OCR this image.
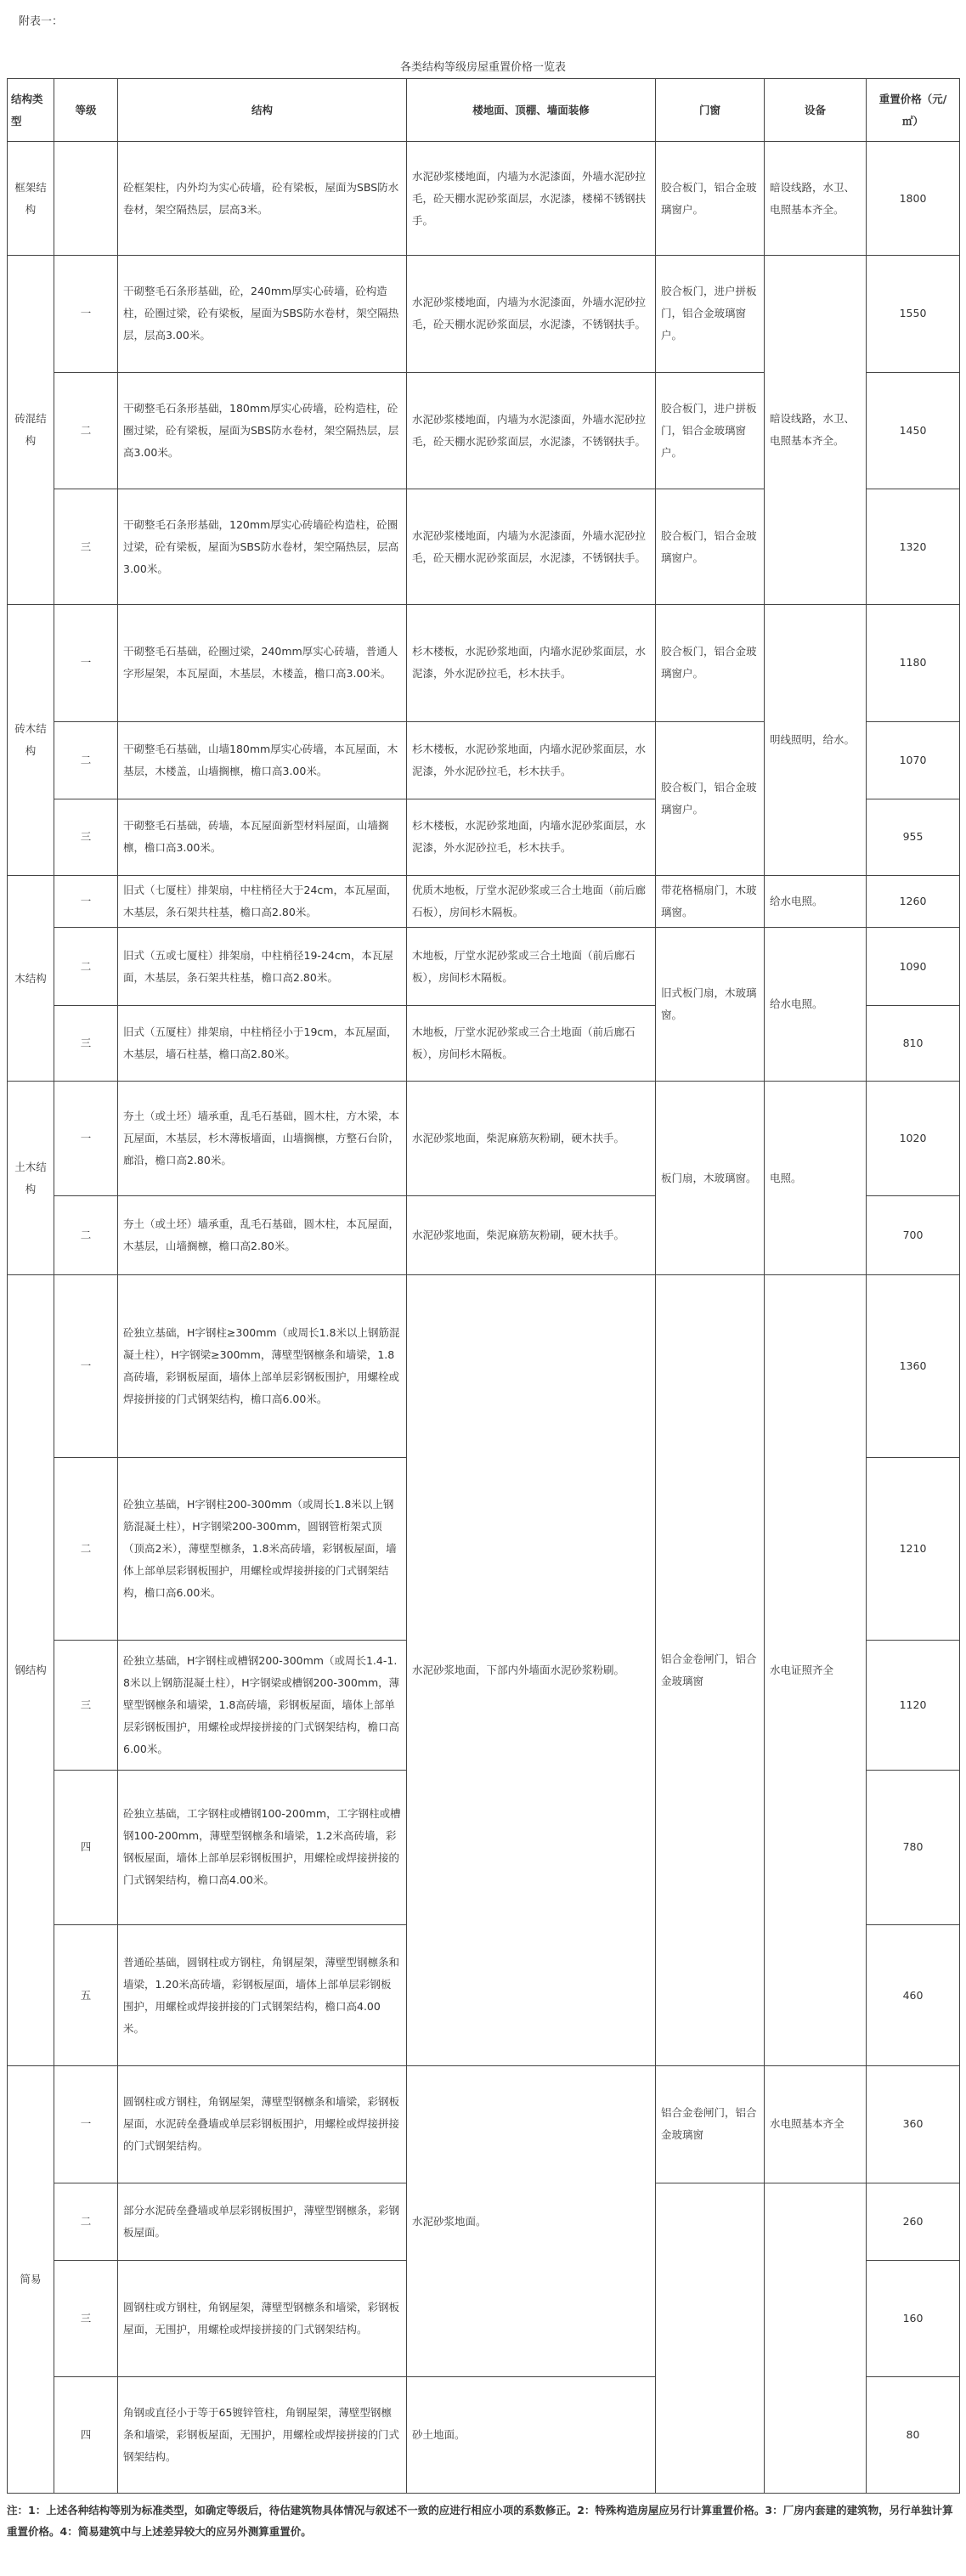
附表一：
各类结构等级房屋重置价格一览表
结构类型	等级	结构	楼地面、顶棚、墙面装修	门窗	设备	重置价格（元/㎡）
框架结构		砼框架柱，内外均为实心砖墙，砼有梁板，屋面为SBS防水卷材，架空隔热层，层高3米。	水泥砂浆楼地面，内墙为水泥漆面，外墙水泥砂拉毛，砼天棚水泥砂浆面层，水泥漆，楼梯不锈钢扶手。	胶合板门，铝合金玻璃窗户。	暗设线路，水卫、电照基本齐全。	1800
砖混结构	一	干砌整毛石条形基础，砼，240mm厚实心砖墙，砼构造柱，砼圈过梁，砼有梁板，屋面为SBS防水卷材，架空隔热层，层高3.00米。	水泥砂浆楼地面，内墙为水泥漆面，外墙水泥砂拉毛，砼天棚水泥砂浆面层，水泥漆，不锈钢扶手。	胶合板门，进户拼板门，铝合金玻璃窗户。	暗设线路，水卫、电照基本齐全。	1550
	二	干砌整毛石条形基础，180mm厚实心砖墙，砼构造柱，砼圈过梁，砼有梁板，屋面为SBS防水卷材，架空隔热层，层高3.00米。	水泥砂浆楼地面，内墙为水泥漆面，外墙水泥砂拉毛，砼天棚水泥砂浆面层，水泥漆，不锈钢扶手。	胶合板门，进户拼板门，铝合金玻璃窗户。		1450
	三	干砌整毛石条形基础，120mm厚实心砖墙砼构造柱，砼圈过梁，砼有梁板，屋面为SBS防水卷材，架空隔热层，层高3.00米。	水泥砂浆楼地面，内墙为水泥漆面，外墙水泥砂拉毛，砼天棚水泥砂浆面层，水泥漆，不锈钢扶手。	胶合板门，铝合金玻璃窗户。		1320
砖木结构	一	干砌整毛石基础，砼圈过梁，240mm厚实心砖墙，普通人字形屋架，本瓦屋面，木基层，木楼盖，檐口高3.00米。	杉木楼板，水泥砂浆地面，内墙水泥砂浆面层，水泥漆，外水泥砂拉毛，杉木扶手。	胶合板门，铝合金玻璃窗户。	明线照明，给水。	1180
	二	干砌整毛石基础，山墙180mm厚实心砖墙，本瓦屋面，木基层，木楼盖，山墙搁檩，檐口高3.00米。	杉木楼板，水泥砂浆地面，内墙水泥砂浆面层，水泥漆，外水泥砂拉毛，杉木扶手。	胶合板门，铝合金玻璃窗户。		1070
	三	干砌整毛石基础，砖墙，本瓦屋面新型材料屋面，山墙搁檩，檐口高3.00米。	杉木楼板，水泥砂浆地面，内墙水泥砂浆面层，水泥漆，外水泥砂拉毛，杉木扶手。			955
木结构	一	旧式（七厦柱）排架扇，中柱梢径大于24cm，本瓦屋面，木基层，条石架共柱基，檐口高2.80米。	优质木地板，厅堂水泥砂浆或三合土地面（前后廊石板），房间杉木隔板。	带花格槅扇门，木玻璃窗。	给水电照。	1260
	二	旧式（五或七厦柱）排架扇，中柱梢径19-24cm，本瓦屋面，木基层，条石架共柱基，檐口高2.80米。	木地板，厅堂水泥砂浆或三合土地面（前后廊石板），房间杉木隔板。	旧式板门扇，木玻璃窗。	给水电照。	1090
	三	旧式（五厦柱）排架扇，中柱梢径小于19cm，本瓦屋面，木基层，墙石柱基，檐口高2.80米。	木地板，厅堂水泥砂浆或三合土地面（前后廊石板），房间杉木隔板。			810
土木结构	一	夯土（或土坯）墙承重，乱毛石基础，圆木柱，方木梁，本瓦屋面，木基层，杉木薄板墙面，山墙搁檩，方整石台阶，廊沿，檐口高2.80米。	水泥砂浆地面，柴泥麻筋灰粉刷，硬木扶手。	板门扇，木玻璃窗。	电照。	1020
	二	夯土（或土坯）墙承重，乱毛石基础，圆木柱，本瓦屋面，木基层，山墙搁檩，檐口高2.80米。	水泥砂浆地面，柴泥麻筋灰粉刷，硬木扶手。			700
钢结构	一	砼独立基础，H字钢柱≥300mm（或周长1.8米以上钢筋混凝土柱），H字钢梁≥300mm，薄壁型钢檩条和墙梁，1.8高砖墙，彩钢板屋面，墙体上部单层彩钢板围护，用螺栓或焊接拼接的门式钢架结构，檐口高6.00米。	水泥砂浆地面，下部内外墙面水泥砂浆粉刷。	铝合金卷闸门，铝合金玻璃窗	水电证照齐全	1360
	二	砼独立基础，H字钢柱200-300mm（或周长1.8米以上钢筋混凝土柱），H字钢梁200-300mm，圆钢管桁架式顶（顶高2米），薄壁型檩条，1.8米高砖墙，彩钢板屋面，墙体上部单层彩钢板围护，用螺栓或焊接拼接的门式钢架结构，檐口高6.00米。				1210
	三	砼独立基础，H字钢柱或槽钢200-300mm（或周长1.4-1.8米以上钢筋混凝土柱），H字钢梁或槽钢200-300mm，薄壁型钢檩条和墙梁，1.8高砖墙，彩钢板屋面，墙体上部单层彩钢板围护，用螺栓或焊接拼接的门式钢架结构，檐口高6.00米。				1120
	四	砼独立基础，工字钢柱或槽钢100-200mm，工字钢柱或槽钢100-200mm，薄壁型钢檩条和墙梁，1.2米高砖墙，彩钢板屋面，墙体上部单层彩钢板围护，用螺栓或焊接拼接的门式钢架结构，檐口高4.00米。				780
	五	普通砼基础，圆钢柱或方钢柱，角钢屋架，薄壁型钢檩条和墙梁，1.20米高砖墙，彩钢板屋面，墙体上部单层彩钢板围护，用螺栓或焊接拼接的门式钢架结构，檐口高4.00米。				460
简易	一	圆钢柱或方钢柱，角钢屋架，薄壁型钢檩条和墙梁，彩钢板屋面，水泥砖垒叠墙或单层彩钢板围护，用螺栓或焊接拼接的门式钢架结构。	水泥砂浆地面。	铝合金卷闸门，铝合金玻璃窗	水电照基本齐全	360
	二	部分水泥砖垒叠墙或单层彩钢板围护，薄壁型钢檩条，彩钢板屋面。				260
	三	圆钢柱或方钢柱，角钢屋架，薄壁型钢檩条和墙梁，彩钢板屋面，无围护，用螺栓或焊接拼接的门式钢架结构。				160
	四	角钢或直径小于等于65镀锌管柱，角钢屋架，薄壁型钢檩条和墙梁，彩钢板屋面，无围护，用螺栓或焊接拼接的门式钢架结构。	砂土地面。			80
注：1：上述各种结构等别为标准类型，如确定等级后，待估建筑物具体情况与叙述不一致的应进行相应小项的系数修正。2：特殊构造房屋应另行计算重置价格。3：厂房内套建的建筑物，另行单独计算重置价格。4：简易建筑中与上述差异较大的应另外测算重置价。
